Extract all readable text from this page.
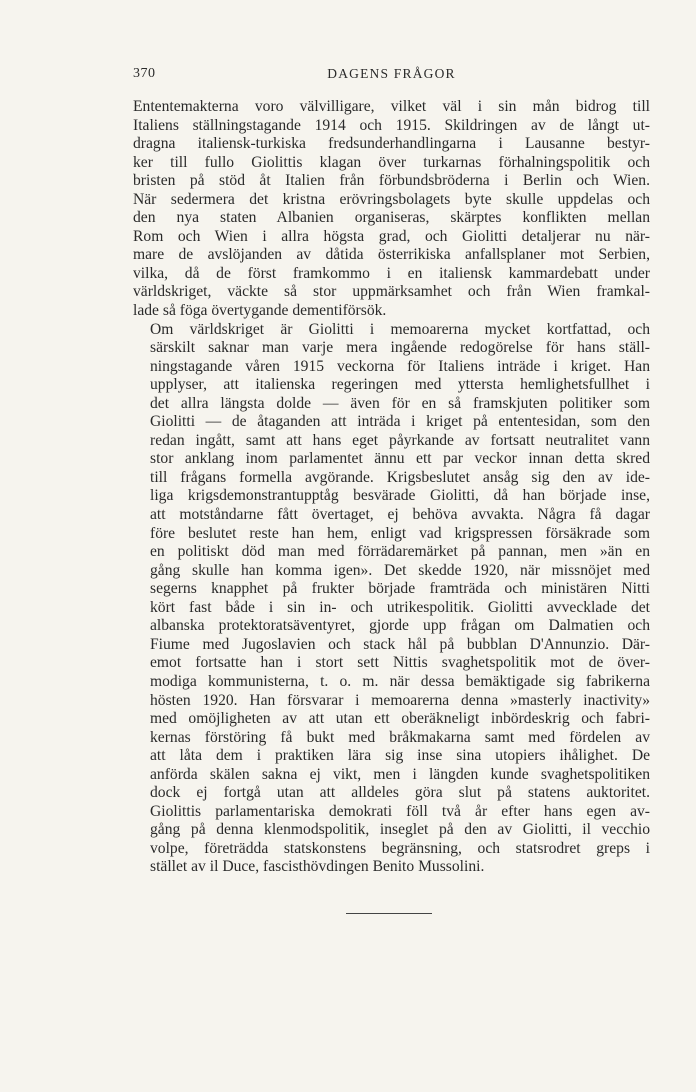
370	DAGENS FRÅGOR

Ententemakterna voro välvilligare, vilket väl i sin mån bidrog till
Italiens ställningstagande 1914 och 1915. Skildringen av de långt ut-
dragna italiensk-turkiska fredsunderhandlingarna i Lausanne bestyr-
ker till fullo Giolittis klagan över turkarnas förhalningspolitik och
bristen på stöd åt Italien från förbundsbröderna i Berlin och Wien.
När sedermera det kristna erövringsbolagets byte skulle uppdelas och
den nya staten Albanien organiseras, skärptes konflikten mellan
Rom och Wien i allra högsta grad, och Giolitti detaljerar nu när-
mare de avslöjanden av dåtida österrikiska anfallsplaner mot Serbien,
vilka, då de först framkommo i en italiensk kammardebatt under
världskriget, väckte så stor uppmärksamhet och från Wien framkal-
lade så föga övertygande dementiförsök.

Om världskriget är Giolitti i memoarerna mycket kortfattad, och
särskilt saknar man varje mera ingående redogörelse för hans ställ-
ningstagande våren 1915 veckorna för Italiens inträde i kriget. Han
upplyser, att italienska regeringen med yttersta hemlighetsfullhet i
det allra längsta dolde — även för en så framskjuten politiker som
Giolitti — de åtaganden att inträda i kriget på ententesidan, som den
redan ingått, samt att hans eget påyrkande av fortsatt neutralitet vann
stor anklang inom parlamentet ännu ett par veckor innan detta skred
till frågans formella avgörande. Krigsbeslutet ansåg sig den av ide-
liga krigsdemonstrantupptåg besvärade Giolitti, då han började inse,
att motståndarne fått övertaget, ej behöva avvakta. Några få dagar
före beslutet reste han hem, enligt vad krigspressen försäkrade som
en politiskt död man med förrädaremärket på pannan, men »än en
gång skulle han komma igen». Det skedde 1920, när missnöjet med
segerns knapphet på frukter började framträda och ministären Nitti
kört fast både i sin in- och utrikespolitik. Giolitti avvecklade det
albanska protektoratsäventyret, gjorde upp frågan om Dalmatien och
Fiume med Jugoslavien och stack hål på bubblan D'Annunzio. Där-
emot fortsatte han i stort sett Nittis svaghetspolitik mot de över-
modiga kommunisterna, t. o. m. när dessa bemäktigade sig fabrikerna
hösten 1920. Han försvarar i memoarerna denna »masterly inactivity»
med omöjligheten av att utan ett oberäkneligt inbördeskrig och fabri-
kernas förstöring få bukt med bråkmakarna samt med fördelen av
att låta dem i praktiken lära sig inse sina utopiers ihålighet. De
anförda skälen sakna ej vikt, men i längden kunde svaghetspolitiken
dock ej fortgå utan att alldeles göra slut på statens auktoritet.
Giolittis parlamentariska demokrati föll två år efter hans egen av-
gång på denna klenmodspolitik, inseglet på den av Giolitti, il vecchio
volpe, företrädda statskonstens begränsning, och statsrodret greps i
stället av il Duce, fascisthövdingen Benito Mussolini.
